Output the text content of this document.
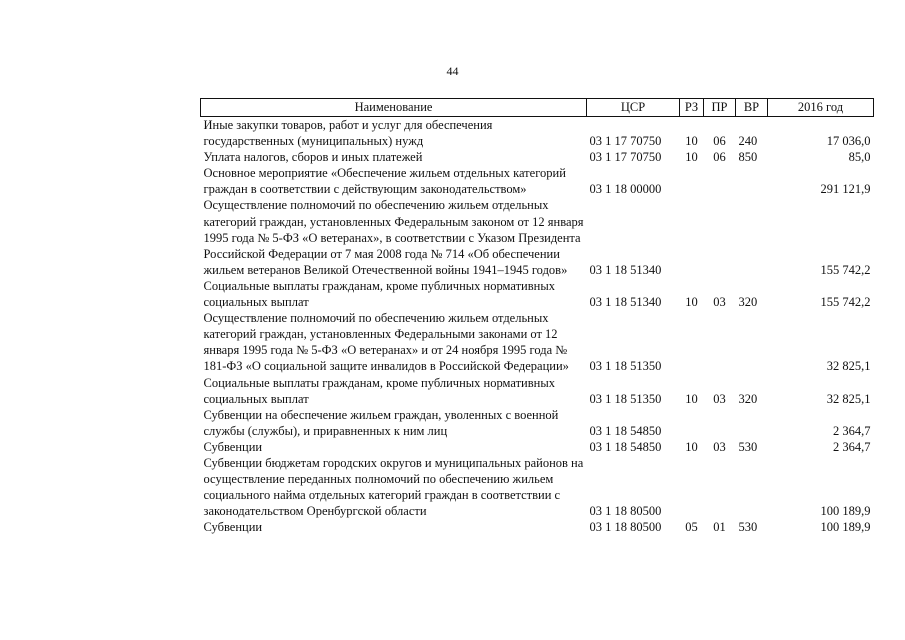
44
Наименование	ЦСР	РЗ	ПР	ВР	2016 год
Иные закупки товаров, работ и услуг для обеспечения государственных (муниципальных) нужд	03 1 17 70750	10	06	240	17 036,0
Уплата налогов, сборов и иных платежей	03 1 17 70750	10	06	850	85,0
Основное мероприятие «Обеспечение жильем отдельных категорий граждан в соответствии с действующим законодательством»	03 1 18 00000				291 121,9
Осуществление полномочий по обеспечению жильем отдельных категорий граждан, установленных Федеральным законом от 12 января 1995 года № 5-ФЗ «О ветеранах», в соответствии с Указом Президента Российской Федерации от 7 мая 2008 года № 714 «Об обеспечении жильем ветеранов Великой Отечественной войны 1941–1945 годов»	03 1 18 51340				155 742,2
Социальные выплаты гражданам, кроме публичных нормативных социальных выплат	03 1 18 51340	10	03	320	155 742,2
Осуществление полномочий по обеспечению жильем отдельных категорий граждан, установленных Федеральными законами от 12 января 1995 года № 5-ФЗ «О ветеранах» и от 24 ноября 1995 года № 181-ФЗ «О социальной защите инвалидов в Российской Федерации»	03 1 18 51350				32 825,1
Социальные выплаты гражданам, кроме публичных нормативных социальных выплат	03 1 18 51350	10	03	320	32 825,1
Субвенции на обеспечение жильем граждан, уволенных с военной службы (службы), и приравненных к ним лиц	03 1 18 54850				2 364,7
Субвенции	03 1 18 54850	10	03	530	2 364,7
Субвенции бюджетам городских округов и муниципальных районов на осуществление переданных полномочий по обеспечению жильем социального найма отдельных категорий граждан в соответствии с законодательством Оренбургской области	03 1 18 80500				100 189,9
Субвенции	03 1 18 80500	05	01	530	100 189,9
